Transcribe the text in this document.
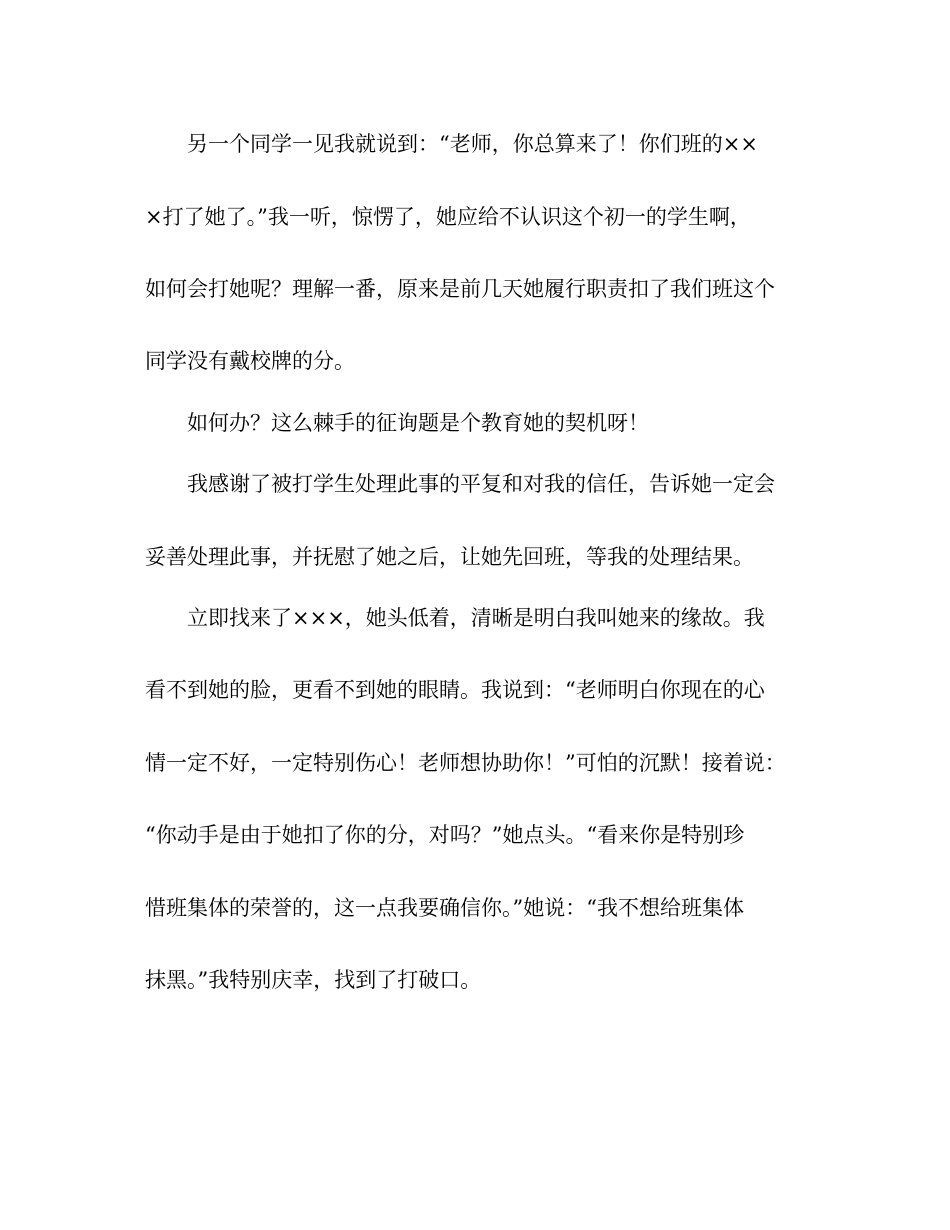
另一个同学一见我就说到：“老师，你总算来了！你们班的××
×打了她了。”我一听，惊愣了，她应给不认识这个初一的学生啊，
如何会打她呢？理解一番，原来是前几天她履行职责扣了我们班这个
同学没有戴校牌的分。
如何办？这么棘手的征询题是个教育她的契机呀！
我感谢了被打学生处理此事的平复和对我的信任，告诉她一定会
妥善处理此事，并抚慰了她之后，让她先回班，等我的处理结果。
立即找来了×××，她头低着，清晰是明白我叫她来的缘故。我
看不到她的脸，更看不到她的眼睛。我说到：“老师明白你现在的心
情一定不好，一定特别伤心！老师想协助你！”可怕的沉默！接着说：
“你动手是由于她扣了你的分，对吗？”她点头。“看来你是特别珍
惜班集体的荣誉的，这一点我要确信你。”她说：“我不想给班集体
抹黑。”我特别庆幸，找到了打破口。
